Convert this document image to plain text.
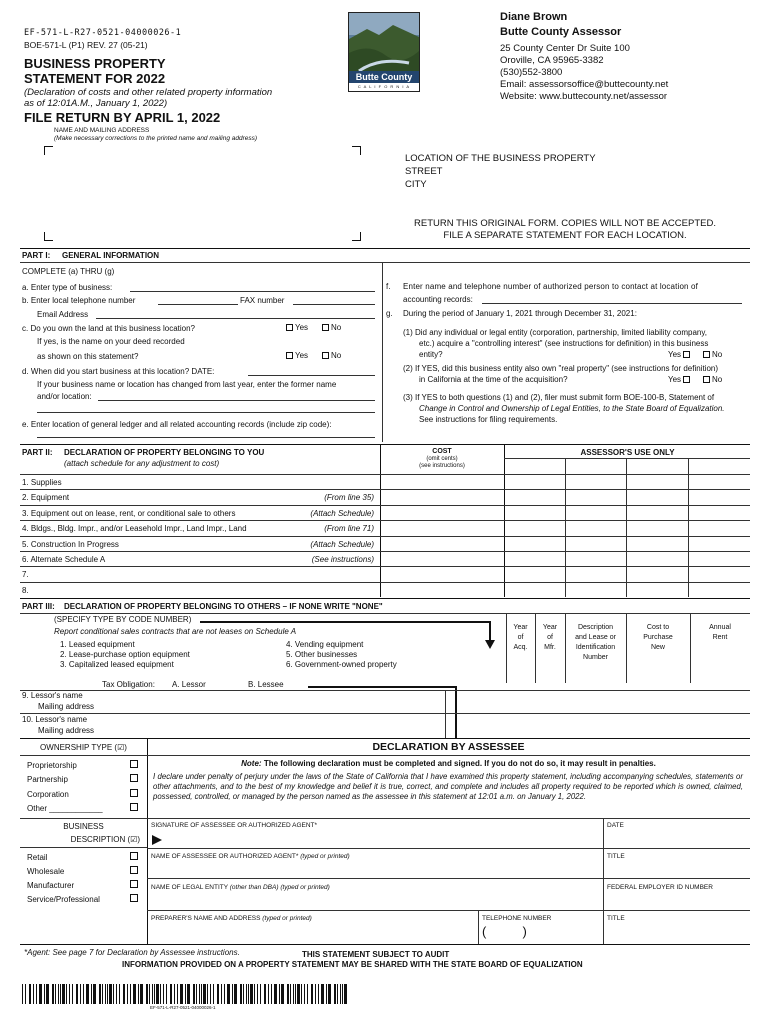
EF-571-L-R27-0521-04000026-1
BOE-571-L (P1) REV. 27 (05-21)
BUSINESS PROPERTY
STATEMENT FOR 2022
(Declaration of costs and other related property information
as of 12:01A.M., January 1, 2022)
FILE RETURN BY APRIL 1, 2022
Butte County
C A L I F O R N I A
Diane Brown
Butte County Assessor
25 County Center Dr Suite 100
Oroville, CA 95965-3382
(530)552-3800
Email: assessorsoffice@buttecounty.net
Website: www.buttecounty.net/assessor
NAME AND MAILING ADDRESS
(Make necessary corrections to the printed name and mailing address)
LOCATION OF THE BUSINESS PROPERTY
STREET
CITY
RETURN THIS ORIGINAL FORM. COPIES WILL NOT BE ACCEPTED.
FILE A SEPARATE STATEMENT FOR EACH LOCATION.
PART I: GENERAL INFORMATION
COMPLETE (a) THRU (g)
a. Enter type of business:
b. Enter local telephone number	FAX number
Email Address
c. Do you own the land at this business location?	Yes	No
If yes, is the name on your deed recorded
as shown on this statement?	Yes	No
d. When did you start business at this location? DATE:
If your business name or location has changed from last year, enter the former name
and/or location:
e. Enter location of general ledger and all related accounting records (include zip code):
f. Enter name and telephone number of authorized person to contact at location of
accounting records:
g. During the period of January 1, 2021 through December 31, 2021:
(1) Did any individual or legal entity (corporation, partnership, limited liability company,
etc.) acquire a "controlling interest" (see instructions for definition) in this business
entity?	Yes	No
(2) If YES, did this business entity also own "real property" (see instructions for definition)
in California at the time of the acquisition?	Yes	No
(3) If YES to both questions (1) and (2), filer must submit form BOE-100-B, Statement of
Change in Control and Ownership of Legal Entities, to the State Board of Equalization.
See instructions for filing requirements.
PART II: DECLARATION OF PROPERTY BELONGING TO YOU
(attach schedule for any adjustment to cost)
COST
(omit cents)
(see instructions)
ASSESSOR'S USE ONLY
1. Supplies
2. Equipment	(From line 35)
3. Equipment out on lease, rent, or conditional sale to others	(Attach Schedule)
4. Bldgs., Bldg. Impr., and/or Leasehold Impr., Land Impr., Land	(From line 71)
5. Construction In Progress	(Attach Schedule)
6. Alternate Schedule A	(See instructions)
7.
8.
PART III: DECLARATION OF PROPERTY BELONGING TO OTHERS – IF NONE WRITE "NONE"
(SPECIFY TYPE BY CODE NUMBER)
Report conditional sales contracts that are not leases on Schedule A
1. Leased equipment
2. Lease-purchase option equipment
3. Capitalized leased equipment
4. Vending equipment
5. Other businesses
6. Government-owned property
Year
of
Acq.
Year
of
Mfr.
Description
and Lease or
Identification
Number
Cost to
Purchase
New
Annual
Rent
Tax Obligation: A. Lessor	B. Lessee
9. Lessor's name
Mailing address
10. Lessor's name
Mailing address
OWNERSHIP TYPE (☑)
Proprietorship
Partnership
Corporation
Other ____________
BUSINESS
DESCRIPTION (☑)
Retail
Wholesale
Manufacturer
Service/Professional
DECLARATION BY ASSESSEE
Note: The following declaration must be completed and signed. If you do not do so, it may result in penalties.
I declare under penalty of perjury under the laws of the State of California that I have examined this property statement, including accompanying schedules, statements or other attachments, and to the best of my knowledge and belief it is true, correct, and complete and includes all property required to be reported which is owned, claimed, possessed, controlled, or managed by the person named as the assessee in this statement at 12:01 a.m. on January 1, 2022.
SIGNATURE OF ASSESSEE OR AUTHORIZED AGENT*	DATE
NAME OF ASSESSEE OR AUTHORIZED AGENT* (typed or printed)	TITLE
NAME OF LEGAL ENTITY (other than DBA) (typed or printed)	FEDERAL EMPLOYER ID NUMBER
PREPARER'S NAME AND ADDRESS (typed or printed)	TELEPHONE NUMBER
(          )
TITLE
*Agent: See page 7 for Declaration by Assessee instructions.	THIS STATEMENT SUBJECT TO AUDIT
INFORMATION PROVIDED ON A PROPERTY STATEMENT MAY BE SHARED WITH THE STATE BOARD OF EQUALIZATION
EF-571-L-R27-0521-04000026-1
